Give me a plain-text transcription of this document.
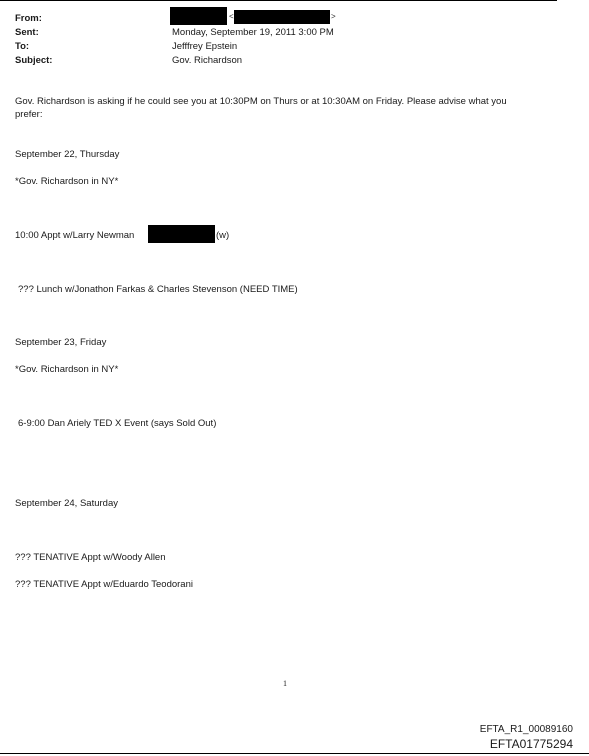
From:	<	>
Sent:	Monday, September 19, 2011 3:00 PM
To:	Jefffrey Epstein
Subject:	Gov. Richardson
Gov. Richardson is asking if he could see you at 10:30PM on Thurs or at 10:30AM on Friday. Please advise what you
prefer:
September 22, Thursday
*Gov. Richardson in NY*
10:00 Appt w/Larry Newman	(w)
??? Lunch w/Jonathon Farkas & Charles Stevenson (NEED TIME)
September 23, Friday
*Gov. Richardson in NY*
6-9:00 Dan Ariely TED X Event (says Sold Out)
September 24, Saturday
??? TENATIVE Appt w/Woody Allen
??? TENATIVE Appt w/Eduardo Teodorani
1
EFTA_R1_00089160
EFTA01775294
